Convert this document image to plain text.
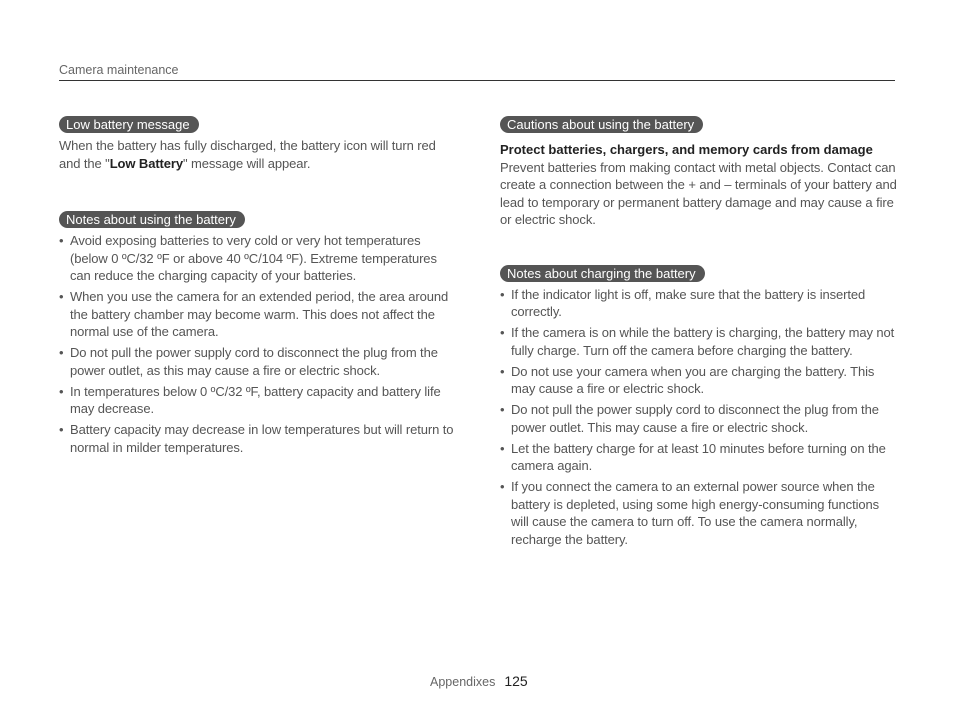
Camera maintenance
Low battery message

When the battery has fully discharged, the battery icon will turn red and the "Low Battery" message will appear.

Notes about using the battery
• Avoid exposing batteries to very cold or very hot temperatures (below 0 ºC/32 ºF or above 40 ºC/104 ºF). Extreme temperatures can reduce the charging capacity of your batteries.
• When you use the camera for an extended period, the area around the battery chamber may become warm. This does not affect the normal use of the camera.
• Do not pull the power supply cord to disconnect the plug from the power outlet, as this may cause a fire or electric shock.
• In temperatures below 0 ºC/32 ºF, battery capacity and battery life may decrease.
• Battery capacity may decrease in low temperatures but will return to normal in milder temperatures.
Cautions about using the battery

Protect batteries, chargers, and memory cards from damage

Prevent batteries from making contact with metal objects. Contact can create a connection between the + and – terminals of your battery and lead to temporary or permanent battery damage and may cause a fire or electric shock.

Notes about charging the battery
• If the indicator light is off, make sure that the battery is inserted correctly.
• If the camera is on while the battery is charging, the battery may not fully charge. Turn off the camera before charging the battery.
• Do not use your camera when you are charging the battery. This may cause a fire or electric shock.
• Do not pull the power supply cord to disconnect the plug from the power outlet. This may cause a fire or electric shock.
• Let the battery charge for at least 10 minutes before turning on the camera again.
• If you connect the camera to an external power source when the battery is depleted, using some high energy-consuming functions will cause the camera to turn off. To use the camera normally, recharge the battery.
Appendixes 125
